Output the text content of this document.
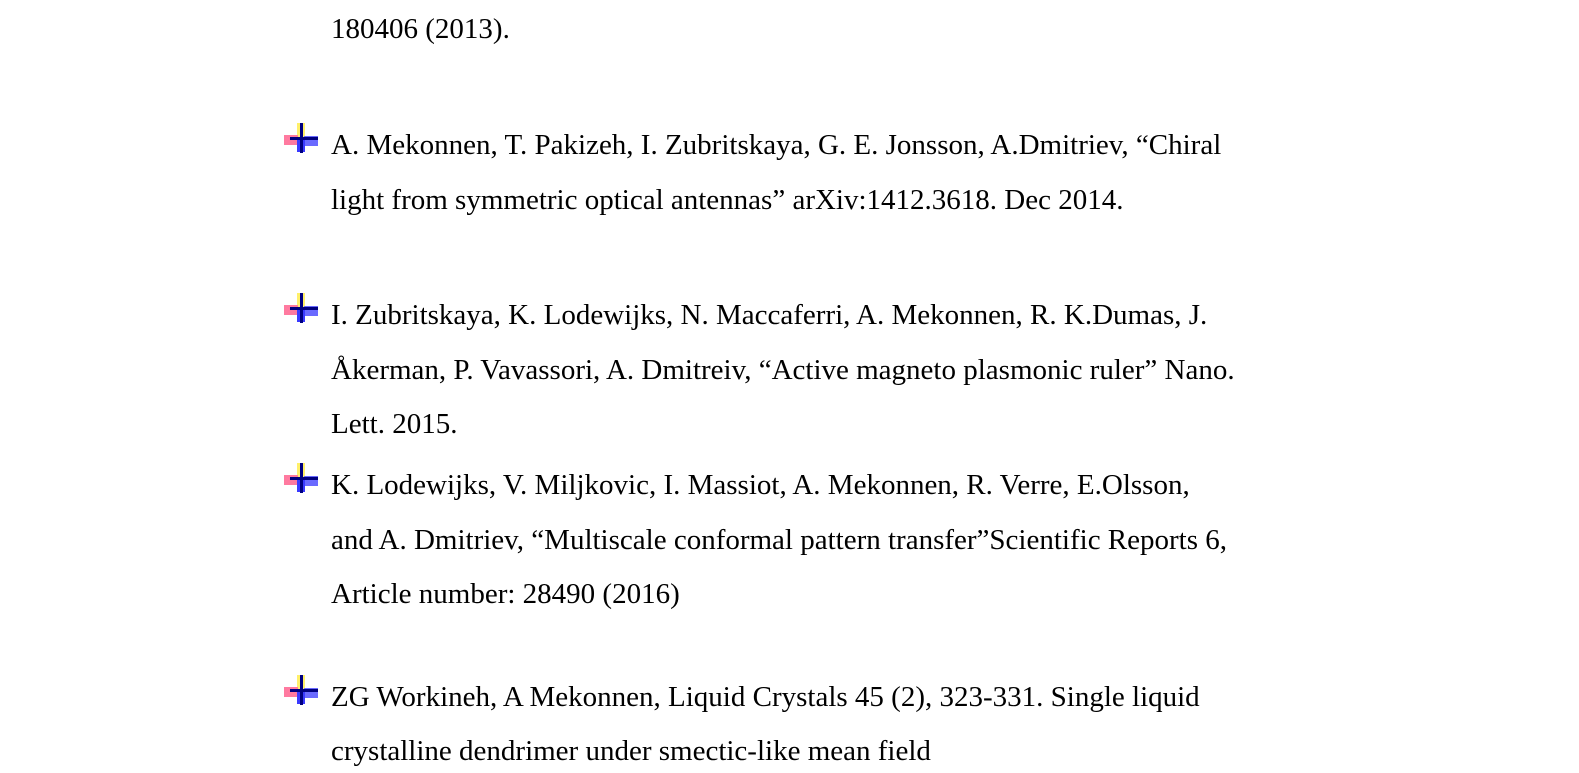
180406 (2013).
A. Mekonnen, T. Pakizeh, I. Zubritskaya, G. E. Jonsson, A.Dmitriev, “Chiral
light from symmetric optical antennas” arXiv:1412.3618. Dec 2014.
I. Zubritskaya, K. Lodewijks, N. Maccaferri, A. Mekonnen, R. K.Dumas, J.
Åkerman, P. Vavassori, A. Dmitreiv, “Active magneto plasmonic ruler” Nano.
Lett. 2015.
K. Lodewijks, V. Miljkovic, I. Massiot, A. Mekonnen, R. Verre, E.Olsson,
and A. Dmitriev, “Multiscale conformal pattern transfer”Scientific Reports 6,
Article number: 28490 (2016)
ZG Workineh, A Mekonnen, Liquid Crystals 45 (2), 323-331. Single liquid
crystalline dendrimer under smectic-like mean field
